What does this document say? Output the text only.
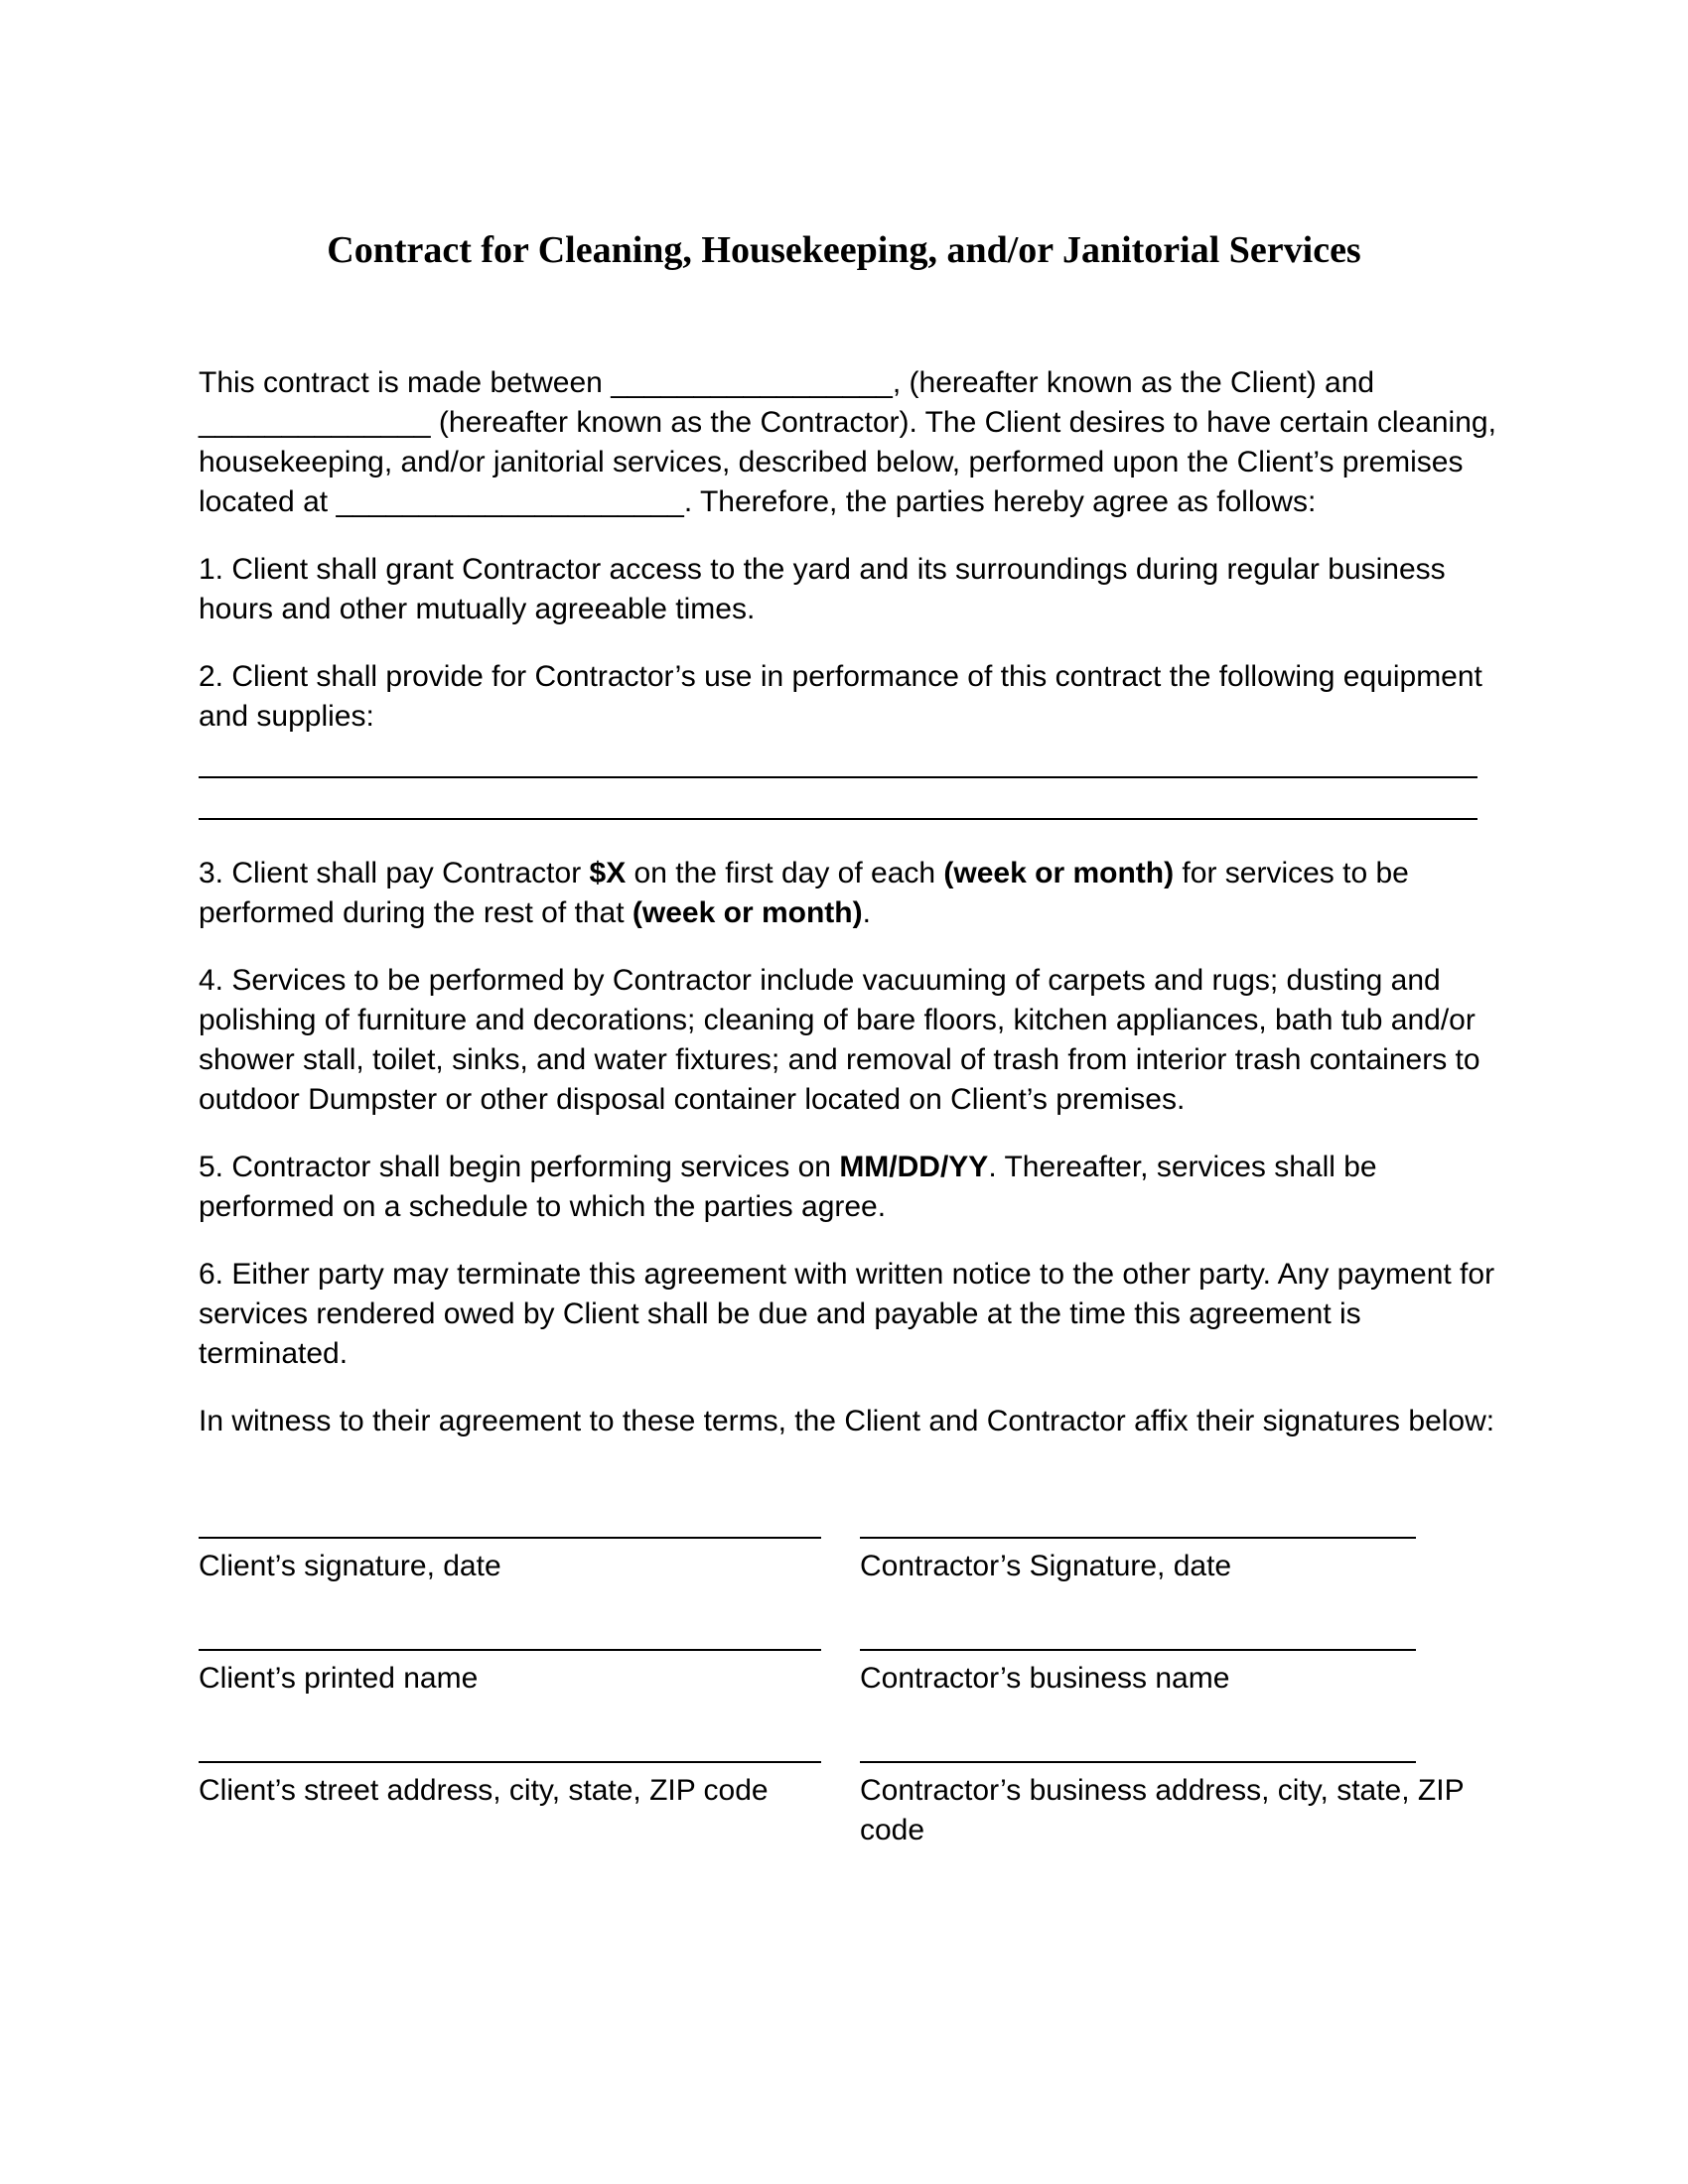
Contract for Cleaning, Housekeeping, and/or Janitorial Services

This contract is made between _________________, (hereafter known as the Client) and ______________ (hereafter known as the Contractor). The Client desires to have certain cleaning, housekeeping, and/or janitorial services, described below, performed upon the Client’s premises located at _____________________. Therefore, the parties hereby agree as follows:

1. Client shall grant Contractor access to the yard and its surroundings during regular business hours and other mutually agreeable times.

2. Client shall provide for Contractor’s use in performance of this contract the following equipment and supplies:

3. Client shall pay Contractor $X on the first day of each (week or month) for services to be performed during the rest of that (week or month).

4. Services to be performed by Contractor include vacuuming of carpets and rugs; dusting and polishing of furniture and decorations; cleaning of bare floors, kitchen appliances, bath tub and/or shower stall, toilet, sinks, and water fixtures; and removal of trash from interior trash containers to outdoor Dumpster or other disposal container located on Client’s premises.

5. Contractor shall begin performing services on MM/DD/YY. Thereafter, services shall be performed on a schedule to which the parties agree.

6. Either party may terminate this agreement with written notice to the other party. Any payment for services rendered owed by Client shall be due and payable at the time this agreement is terminated.

In witness to their agreement to these terms, the Client and Contractor affix their signatures below:

Client’s signature, date	Contractor’s Signature, date
Client’s printed name	Contractor’s business name
Client’s street address, city, state, ZIP code	Contractor’s business address, city, state, ZIP code
